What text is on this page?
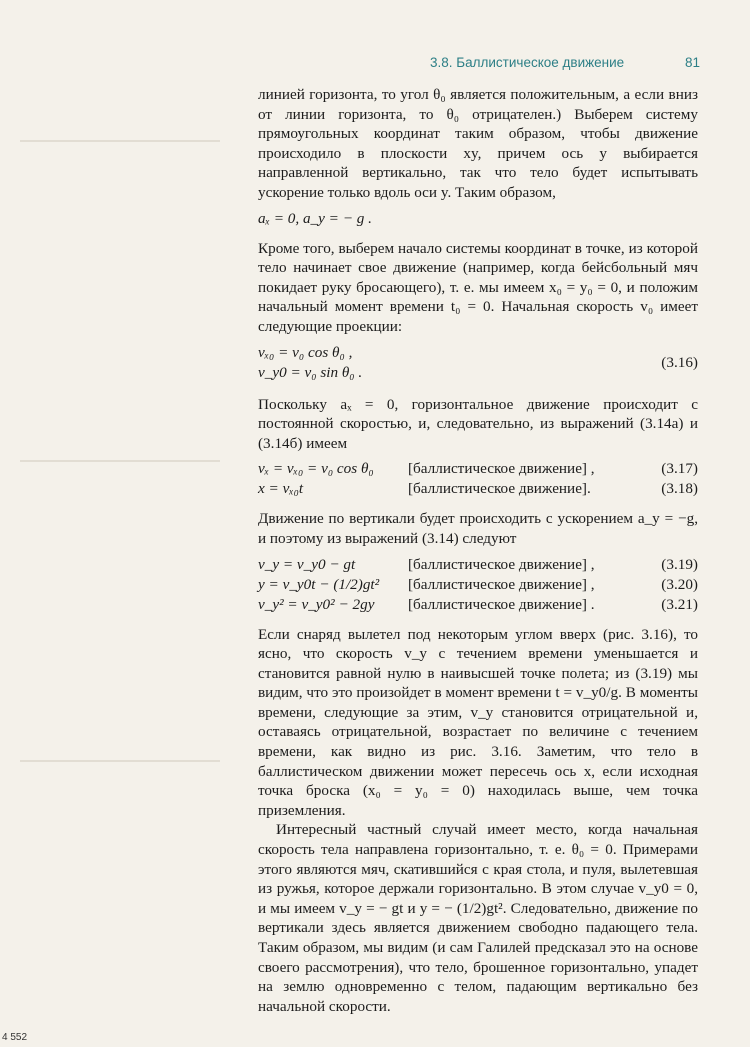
3.8. Баллистическое движение	81

линией горизонта, то угол θ₀ является положительным, а если вниз от линии горизонта, то θ₀ отрицателен.) Выберем систему прямоугольных координат таким образом, чтобы движение происходило в плоскости xy, причем ось y выбирается направленной вертикально, так что тело будет испытывать ускорение только вдоль оси y. Таким образом,

aₓ = 0, a_y = − g .

Кроме того, выберем начало системы координат в точке, из которой тело начинает свое движение (например, когда бейсбольный мяч покидает руку бросающего), т. е. мы имеем x₀ = y₀ = 0, и положим начальный момент времени t₀ = 0. Начальная скорость v₀ имеет следующие проекции:

vₓ₀ = v₀ cos θ₀ ,
v_y0 = v₀ sin θ₀ .
(3.16)

Поскольку aₓ = 0, горизонтальное движение происходит с постоянной скоростью, и, следовательно, из выражений (3.14а) и (3.14б) имеем

vₓ = vₓ₀ = v₀ cos θ₀	[баллистическое движение] ,	(3.17)
x = vₓ₀t	[баллистическое движение].	(3.18)

Движение по вертикали будет происходить с ускорением a_y = −g, и поэтому из выражений (3.14) следуют

v_y = v_y0 − gt	[баллистическое движение] ,	(3.19)
y = v_y0t − (1/2)gt²	[баллистическое движение] ,	(3.20)
v_y² = v_y0² − 2gy	[баллистическое движение] .	(3.21)

Если снаряд вылетел под некоторым углом вверх (рис. 3.16), то ясно, что скорость v_y с течением времени уменьшается и становится равной нулю в наивысшей точке полета; из (3.19) мы видим, что это произойдет в момент времени t = v_y0/g. В моменты времени, следующие за этим, v_y становится отрицательной и, оставаясь отрицательной, возрастает по величине с течением времени, как видно из рис. 3.16. Заметим, что тело в баллистическом движении может пересечь ось x, если исходная точка броска (x₀ = y₀ = 0) находилась выше, чем точка приземления.

Интересный частный случай имеет место, когда начальная скорость тела направлена горизонтально, т. е. θ₀ = 0. Примерами этого являются мяч, скатившийся с края стола, и пуля, вылетевшая из ружья, которое держали горизонтально. В этом случае v_y0 = 0, и мы имеем v_y = − gt и y = − (1/2)gt². Следовательно, движение по вертикали здесь является движением свободно падающего тела. Таким образом, мы видим (и сам Галилей предсказал это на основе своего рассмотрения), что тело, брошенное горизонтально, упадет на землю одновременно с телом, падающим вертикально без начальной скорости.

4 552
